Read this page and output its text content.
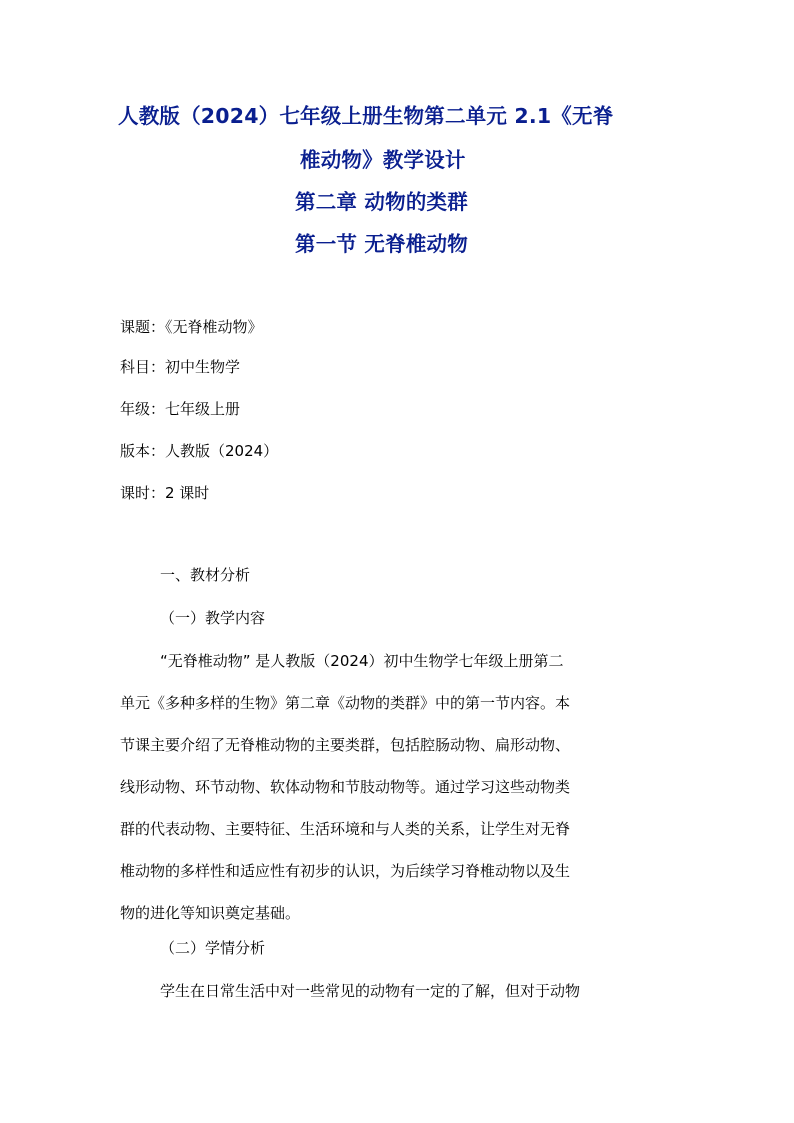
人教版（2024）七年级上册生物第二单元 2.1《无脊
椎动物》教学设计
第二章 动物的类群
第一节 无脊椎动物
课题：《无脊椎动物》
科目：初中生物学
年级：七年级上册
版本：人教版（2024）
课时：2 课时
一、教材分析
（一）教学内容
“无脊椎动物” 是人教版（2024）初中生物学七年级上册第二
单元《多种多样的生物》第二章《动物的类群》中的第一节内容。本
节课主要介绍了无脊椎动物的主要类群，包括腔肠动物、扁形动物、
线形动物、环节动物、软体动物和节肢动物等。通过学习这些动物类
群的代表动物、主要特征、生活环境和与人类的关系，让学生对无脊
椎动物的多样性和适应性有初步的认识，为后续学习脊椎动物以及生
物的进化等知识奠定基础。
（二）学情分析
学生在日常生活中对一些常见的动物有一定的了解，但对于动物
